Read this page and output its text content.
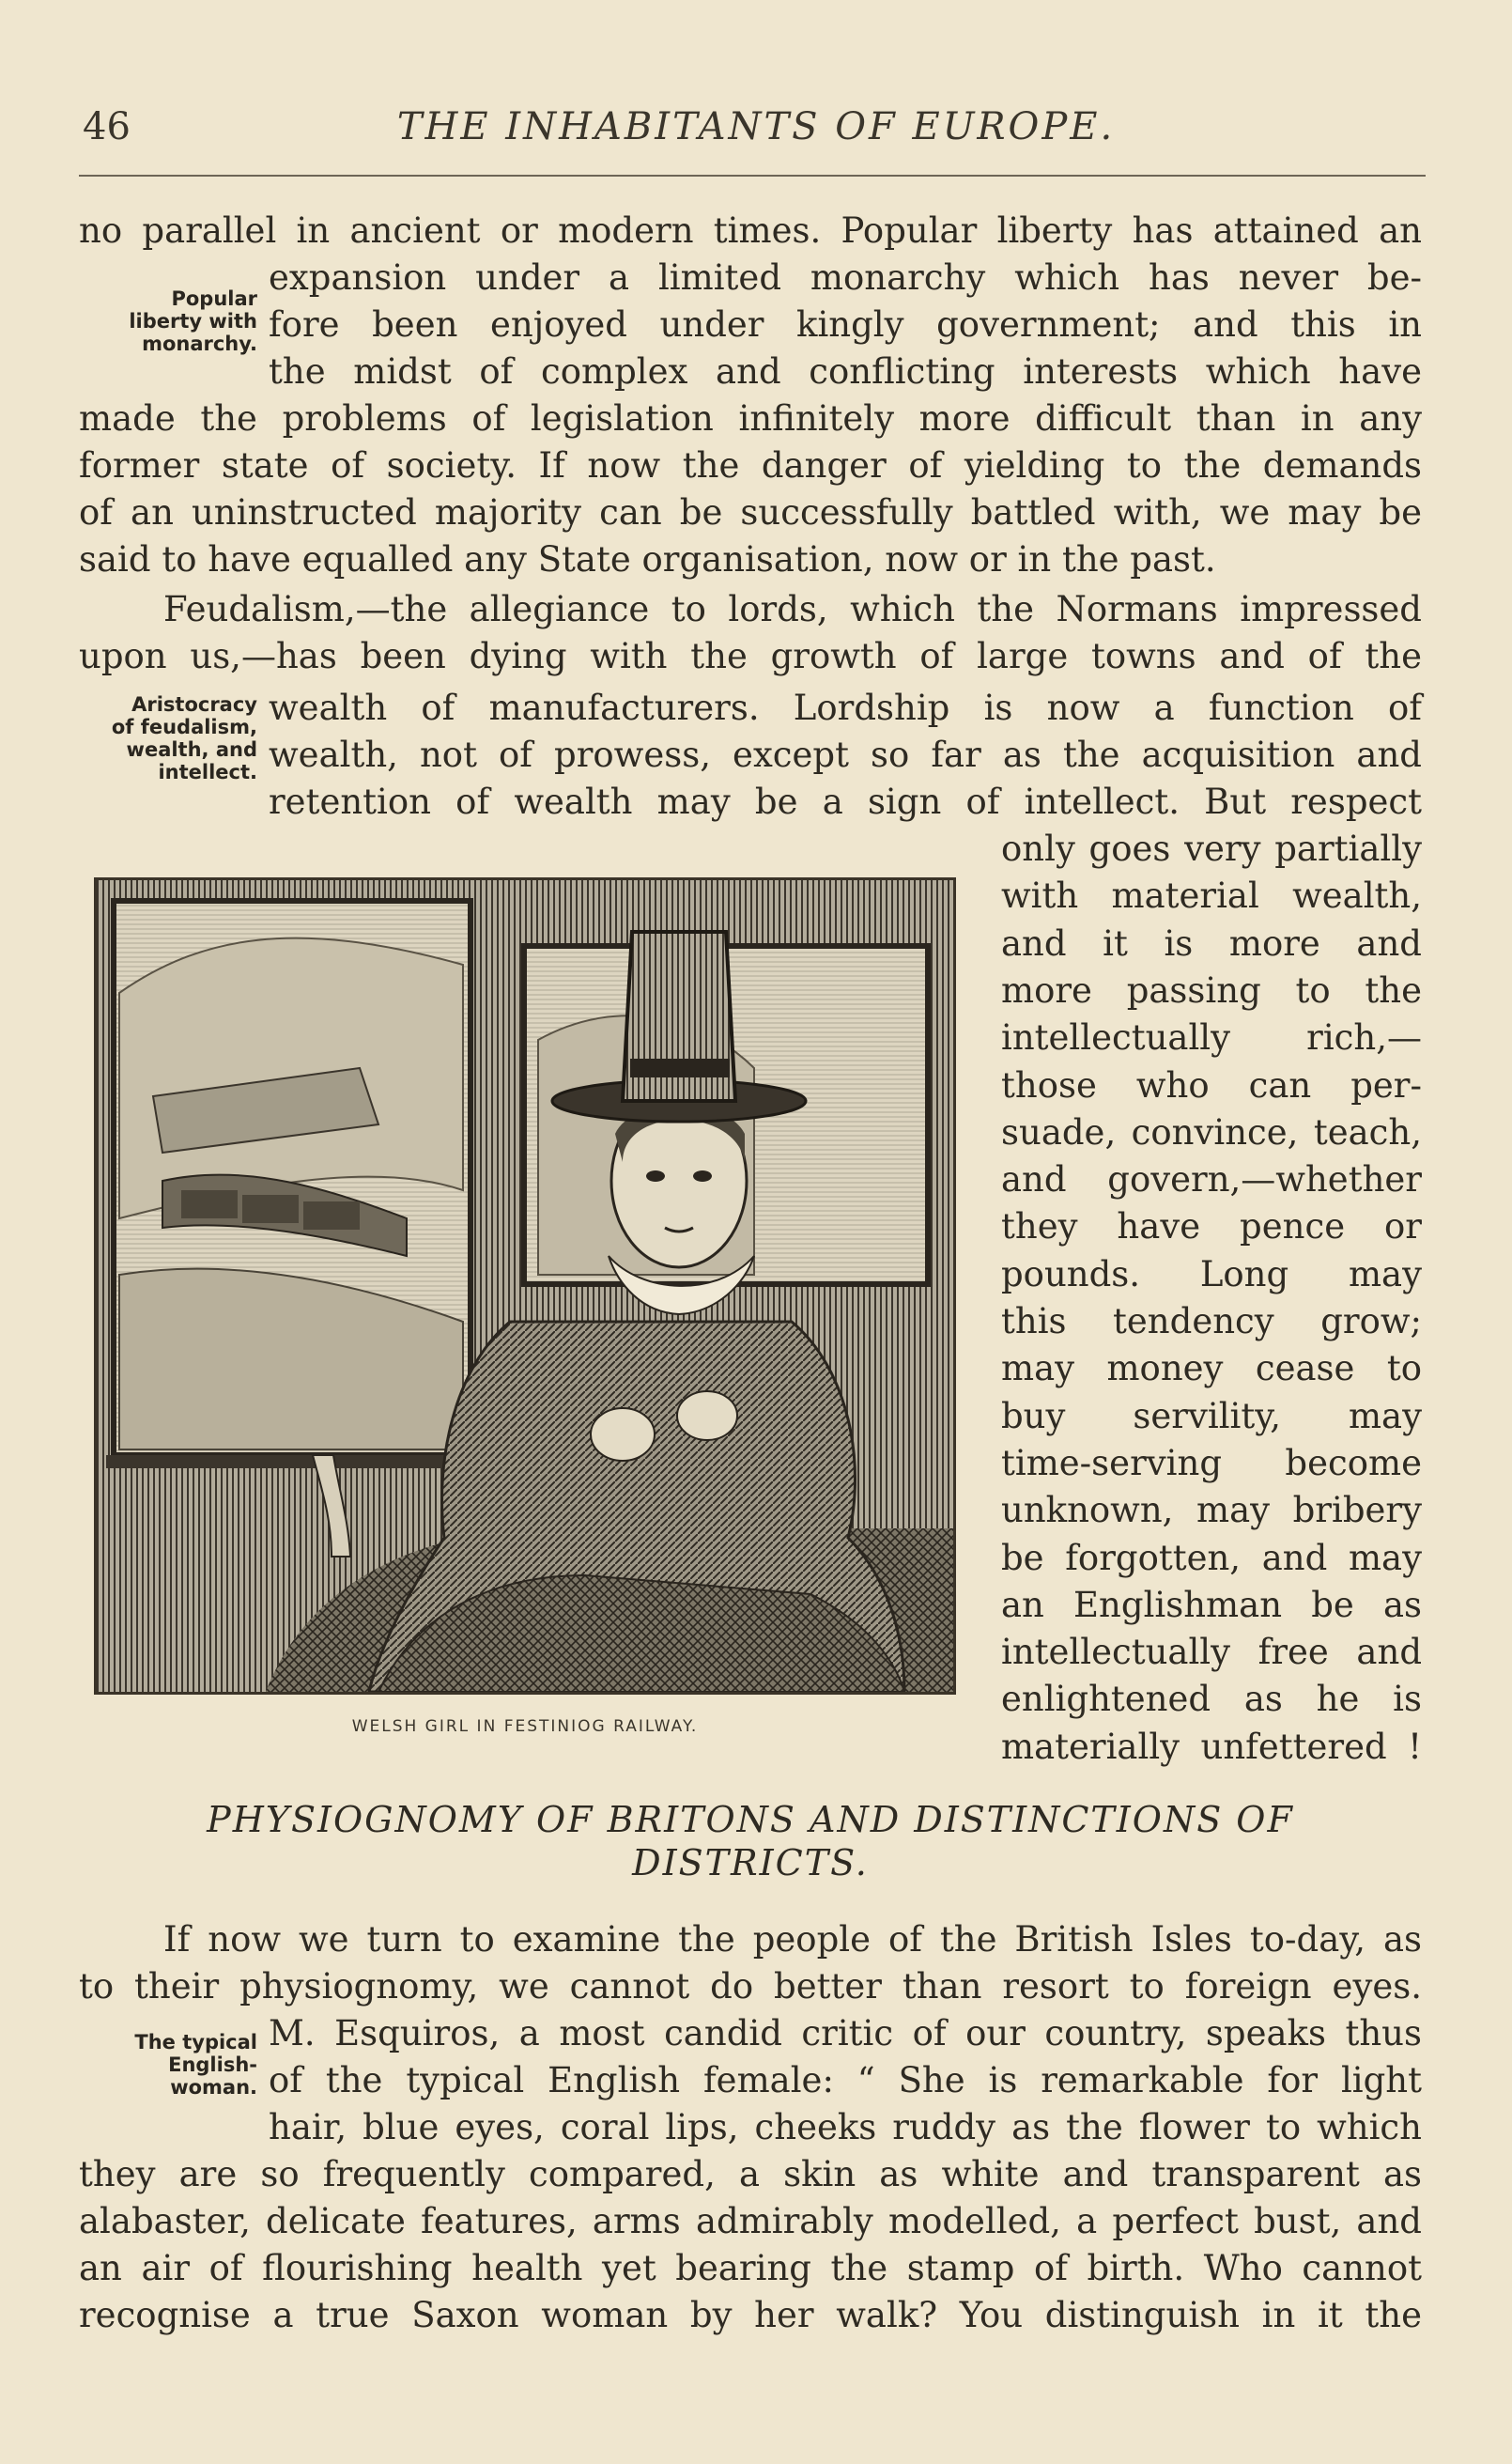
46	THE INHABITANTS OF EUROPE.
no parallel in ancient or modern times. Popular liberty has attained an
expansion under a limited monarchy which has never be-
fore been enjoyed under kingly government; and this in
the midst of complex and conflicting interests which have
made the problems of legislation infinitely more difficult than in any
former state of society. If now the danger of yielding to the demands
of an uninstructed majority can be successfully battled with, we may be
said to have equalled any State organisation, now or in the past.
Popular
liberty with
monarchy.
Feudalism,—the allegiance to lords, which the Normans impressed
upon us,—has been dying with the growth of large towns and of the
wealth of manufacturers. Lordship is now a function of
wealth, not of prowess, except so far as the acquisition and
retention of wealth may be a sign of intellect. But respect
Aristocracy
of feudalism,
wealth, and
intellect.
only goes very partially
with material wealth,
and it is more and
more passing to the
intellectually rich,—
those who can per-
suade, convince, teach,
and govern,—whether
they have pence or
pounds. Long may
this tendency grow;
may money cease to
buy servility, may
time-serving become
unknown, may bribery
be forgotten, and may
an Englishman be as
intellectually free and
enlightened as he is
materially unfettered !
WELSH GIRL IN FESTINIOG RAILWAY.
PHYSIOGNOMY OF BRITONS AND DISTINCTIONS OF
DISTRICTS.
If now we turn to examine the people of the British Isles to-day, as
to their physiognomy, we cannot do better than resort to foreign eyes.
M. Esquiros, a most candid critic of our country, speaks thus
of the typical English female: “ She is remarkable for light
hair, blue eyes, coral lips, cheeks ruddy as the flower to which
they are so frequently compared, a skin as white and transparent as
alabaster, delicate features, arms admirably modelled, a perfect bust, and
an air of flourishing health yet bearing the stamp of birth. Who cannot
recognise a true Saxon woman by her walk? You distinguish in it the
The typical
English-
woman.
